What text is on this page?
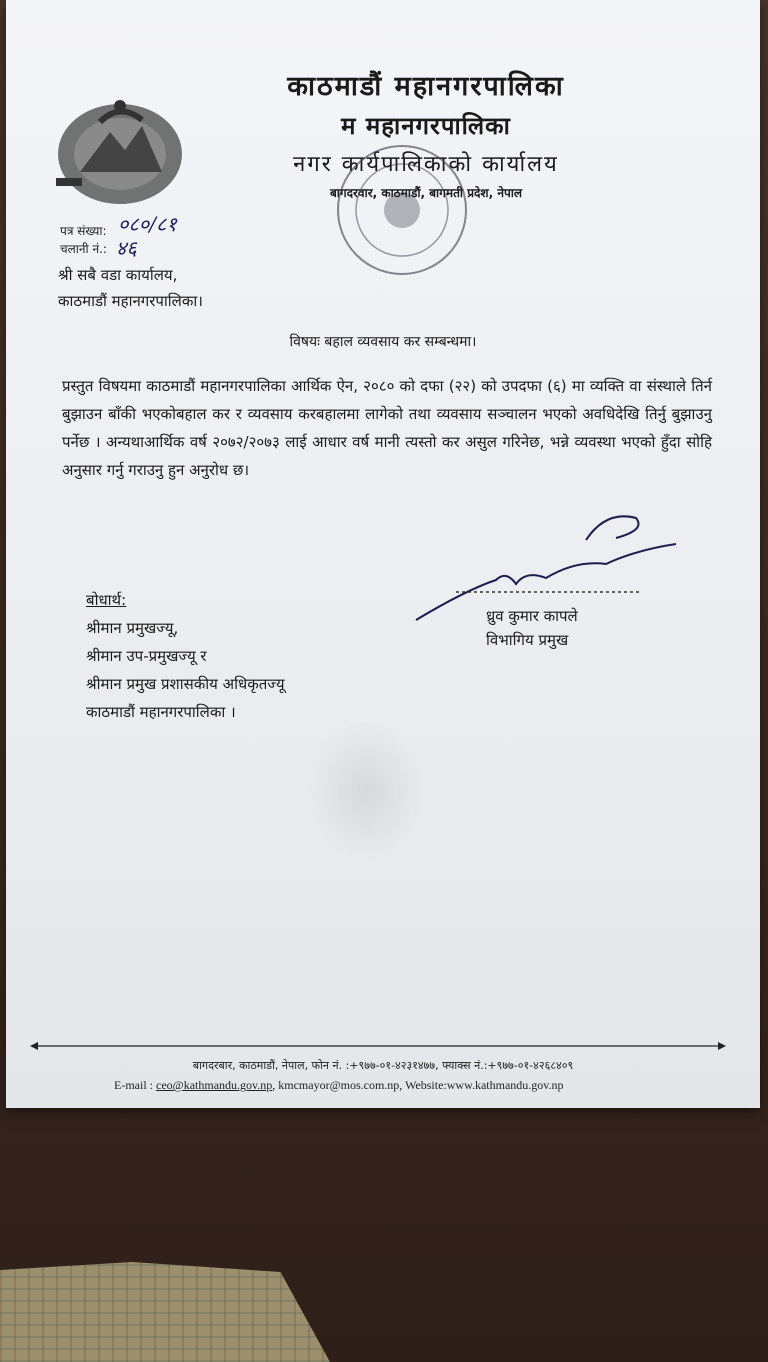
काठमाडौं महानगरपालिका
म महानगरपालिका
नगर कार्यपालिकाको कार्यालय
बागदरवार, काठमाडौं, बागमती प्रदेश, नेपाल
पत्र संख्या:
चलानी नं.:
०८०/८१
४६
श्री सबै वडा कार्यालय,
काठमाडौं महानगरपालिका।
विषयः बहाल व्यवसाय कर सम्बन्धमा।
प्रस्तुत विषयमा काठमाडौं महानगरपालिका आर्थिक ऐन, २०८० को दफा (२२) को उपदफा (६) मा व्यक्ति वा संस्थाले तिर्न बुझाउन बाँकी भएकोबहाल कर र व्यवसाय करबहालमा लागेको तथा व्यवसाय सञ्चालन भएको अवधिदेखि तिर्नु बुझाउनु पर्नेछ । अन्यथाआर्थिक वर्ष २०७२/२०७३ लाई आधार वर्ष मानी त्यस्तो कर असुल गरिनेछ, भन्ने व्यवस्था भएको हुँदा सोहि अनुसार गर्नु गराउनु हुन अनुरोध छ।
ध्रुव कुमार कापले
विभागिय प्रमुख
बोधार्थ:
श्रीमान प्रमुखज्यू,
श्रीमान उप-प्रमुखज्यू र
श्रीमान प्रमुख प्रशासकीय अधिकृतज्यू
काठमाडौं महानगरपालिका ।
बागदरबार, काठमाडौं, नेपाल, फोन नं. :+९७७-०१-४२३१४७७, फ्याक्स नं.:+९७७-०१-४२६८४०९
E-mail : ceo@kathmandu.gov.np, kmcmayor@mos.com.np, Website:www.kathmandu.gov.np
